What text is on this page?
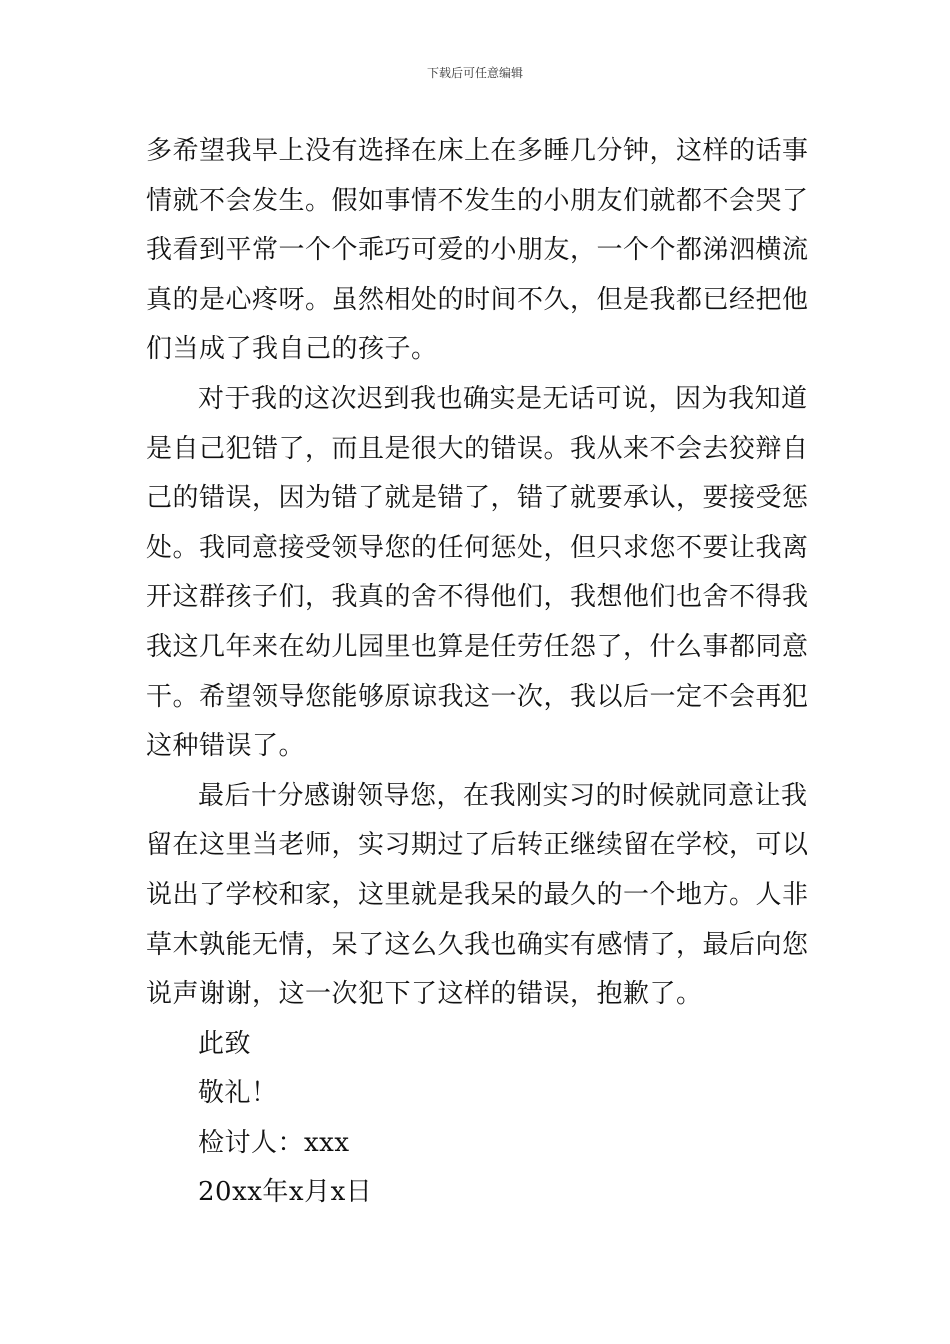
下载后可任意编辑
多希望我早上没有选择在床上在多睡几分钟，这样的话事
情就不会发生。假如事情不发生的小朋友们就都不会哭了
我看到平常一个个乖巧可爱的小朋友，一个个都涕泗横流
真的是心疼呀。虽然相处的时间不久，但是我都已经把他
们当成了我自己的孩子。
对于我的这次迟到我也确实是无话可说，因为我知道
是自己犯错了，而且是很大的错误。我从来不会去狡辩自
己的错误，因为错了就是错了，错了就要承认，要接受惩
处。我同意接受领导您的任何惩处，但只求您不要让我离
开这群孩子们，我真的舍不得他们，我想他们也舍不得我
我这几年来在幼儿园里也算是任劳任怨了，什么事都同意
干。希望领导您能够原谅我这一次，我以后一定不会再犯
这种错误了。
最后十分感谢领导您，在我刚实习的时候就同意让我
留在这里当老师，实习期过了后转正继续留在学校，可以
说出了学校和家，这里就是我呆的最久的一个地方。人非
草木孰能无情，呆了这么久我也确实有感情了，最后向您
说声谢谢，这一次犯下了这样的错误，抱歉了。
此致
敬礼！
检讨人：xxx
20xx年x月x日
